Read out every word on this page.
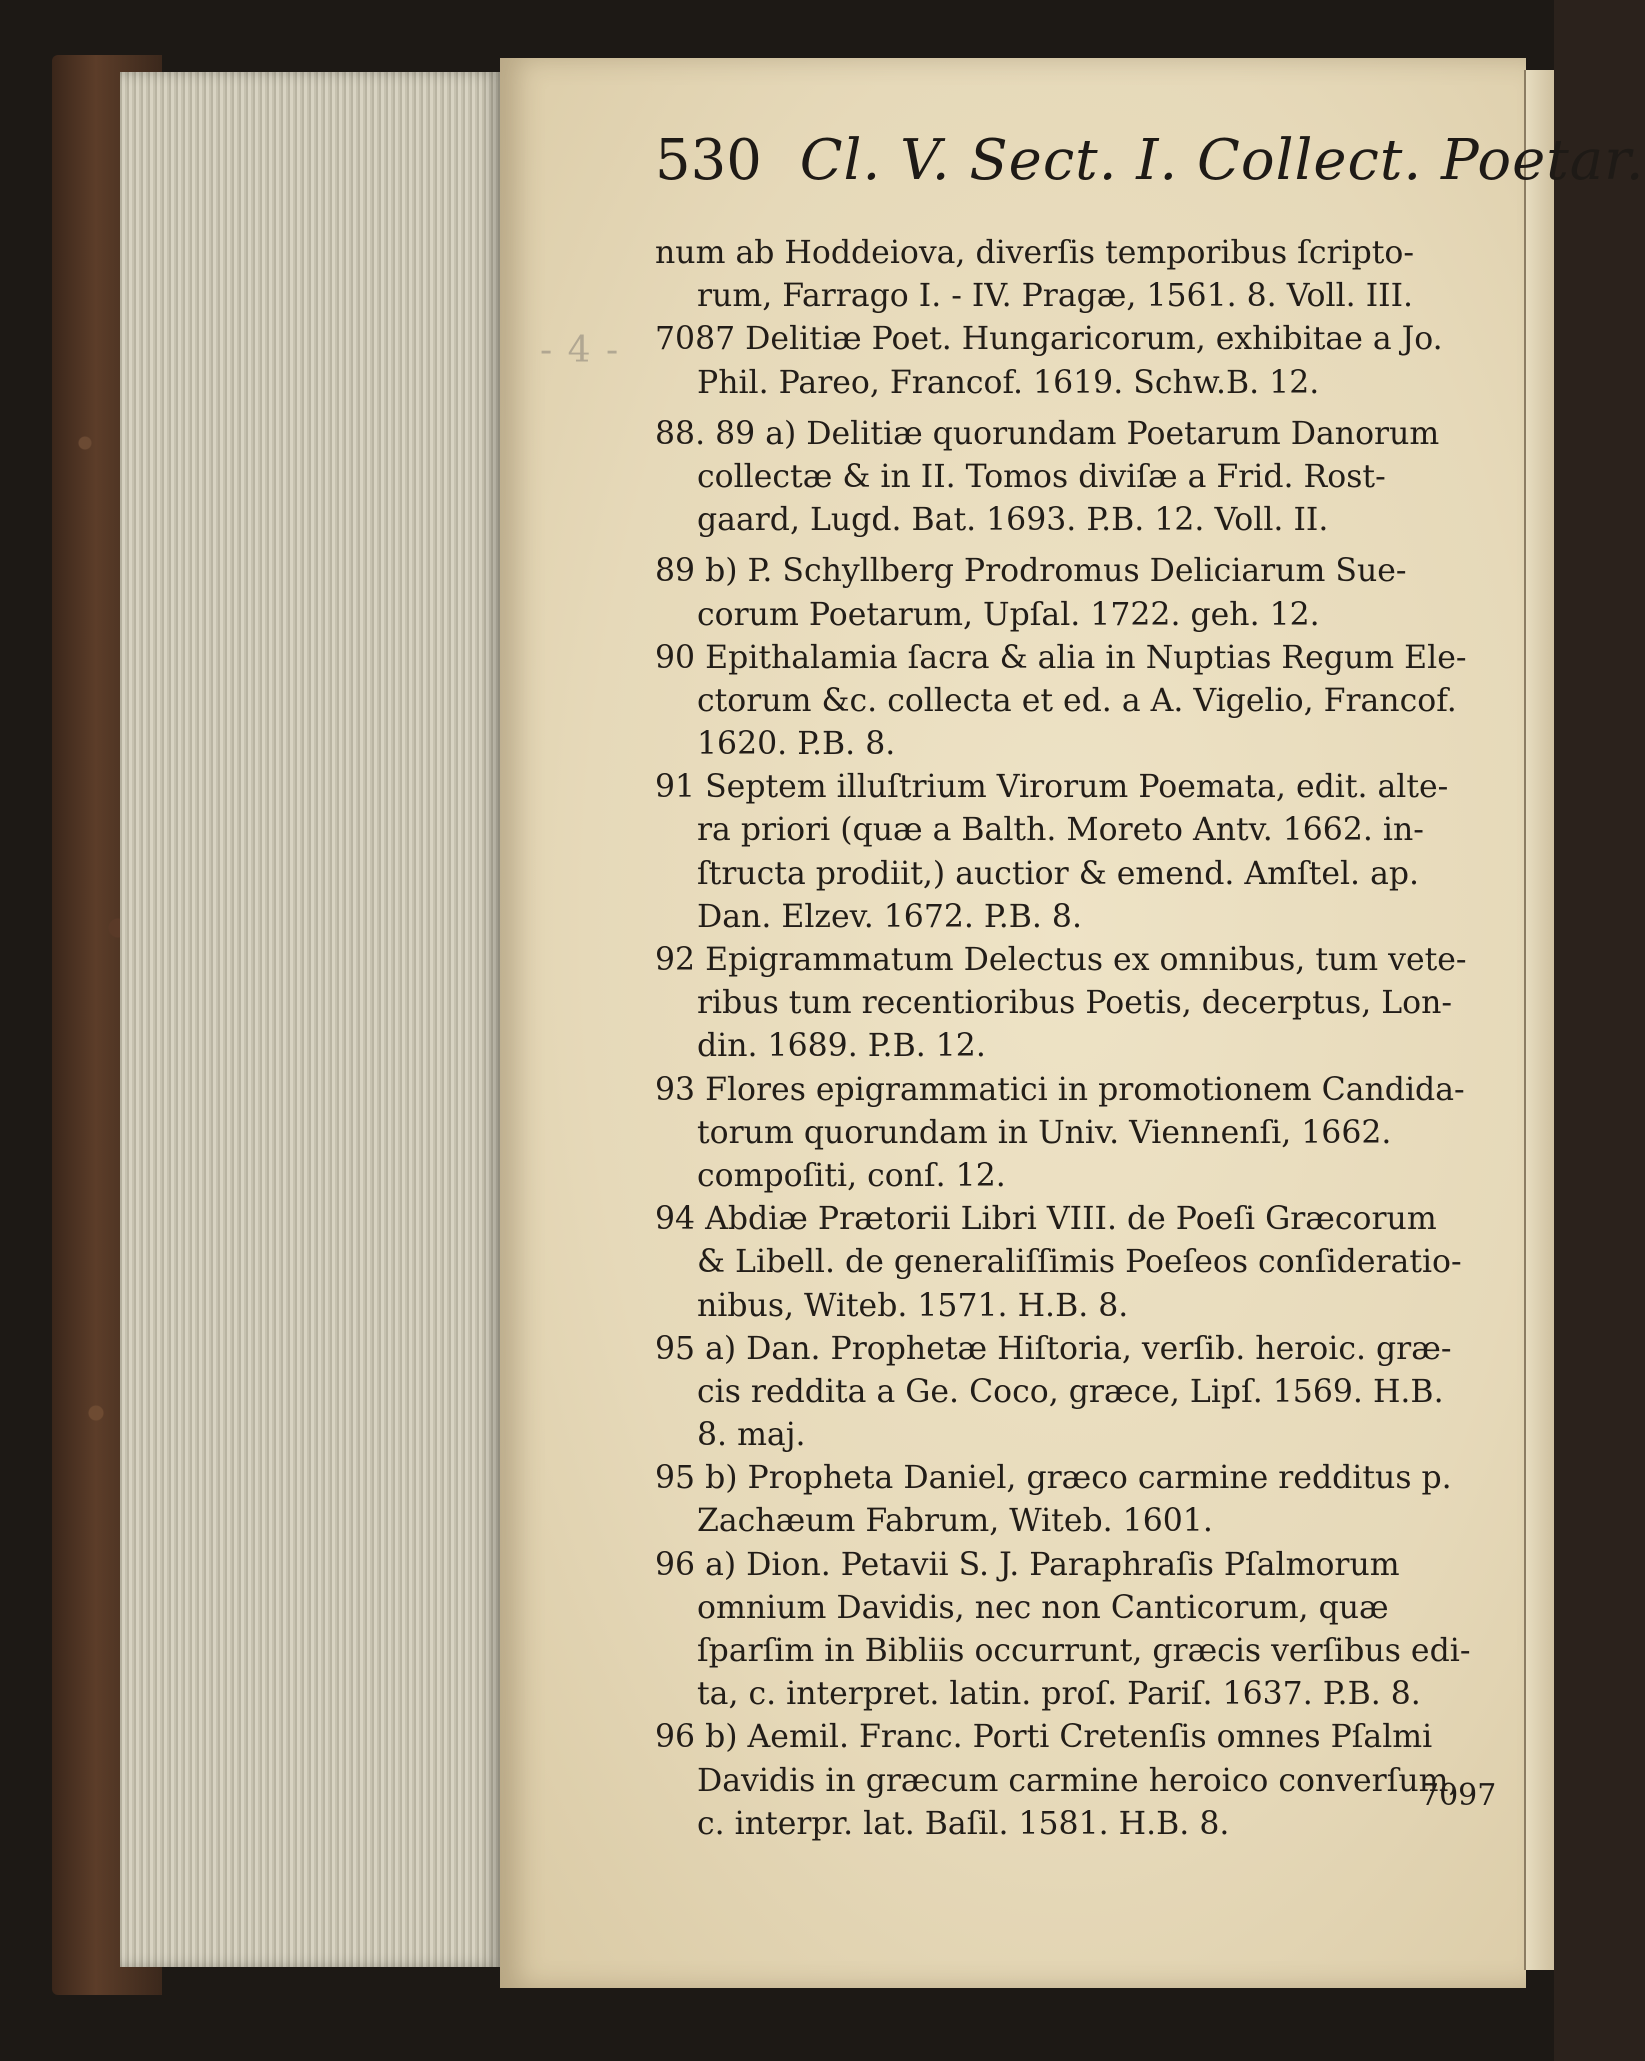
- 4 -
530 Cl. V. Sect. I. Collect. Poetar.
num ab Hoddeiova, diverſis temporibus ſcripto-
rum, Farrago I. - IV. Pragæ, 1561. 8. Voll. III.
7087 Delitiæ Poet. Hungaricorum, exhibitae a Jo.
Phil. Pareo, Francof. 1619. Schw.B. 12.
88. 89 a) Delitiæ quorundam Poetarum Danorum
collectæ & in II. Tomos diviſæ a Frid. Rost-
gaard, Lugd. Bat. 1693. P.B. 12. Voll. II.
89 b) P. Schyllberg Prodromus Deliciarum Sue-
corum Poetarum, Upſal. 1722. geh. 12.
90 Epithalamia ſacra & alia in Nuptias Regum Ele-
ctorum &c. collecta et ed. a A. Vigelio, Francof.
1620. P.B. 8.
91 Septem illuſtrium Virorum Poemata, edit. alte-
ra priori (quæ a Balth. Moreto Antv. 1662. in-
ſtructa prodiit,) auctior & emend. Amſtel. ap.
Dan. Elzev. 1672. P.B. 8.
92 Epigrammatum Delectus ex omnibus, tum vete-
ribus tum recentioribus Poetis, decerptus, Lon-
din. 1689. P.B. 12.
93 Flores epigrammatici in promotionem Candida-
torum quorundam in Univ. Viennenſi, 1662.
compoſiti, conſ. 12.
94 Abdiæ Prætorii Libri VIII. de Poeſi Græcorum
& Libell. de generaliſſimis Poeſeos conſideratio-
nibus, Witeb. 1571. H.B. 8.
95 a) Dan. Prophetæ Hiſtoria, verſib. heroic. græ-
cis reddita a Ge. Coco, græce, Lipſ. 1569. H.B.
8. maj.
95 b) Propheta Daniel, græco carmine redditus p.
Zachæum Fabrum, Witeb. 1601.
96 a) Dion. Petavii S. J. Paraphraſis Pſalmorum
omnium Davidis, nec non Canticorum, quæ
ſparſim in Bibliis occurrunt, græcis verſibus edi-
ta, c. interpret. latin. proſ. Pariſ. 1637. P.B. 8.
96 b) Aemil. Franc. Porti Cretenſis omnes Pſalmi
Davidis in græcum carmine heroico converſum,
c. interpr. lat. Baſil. 1581. H.B. 8.
7097
